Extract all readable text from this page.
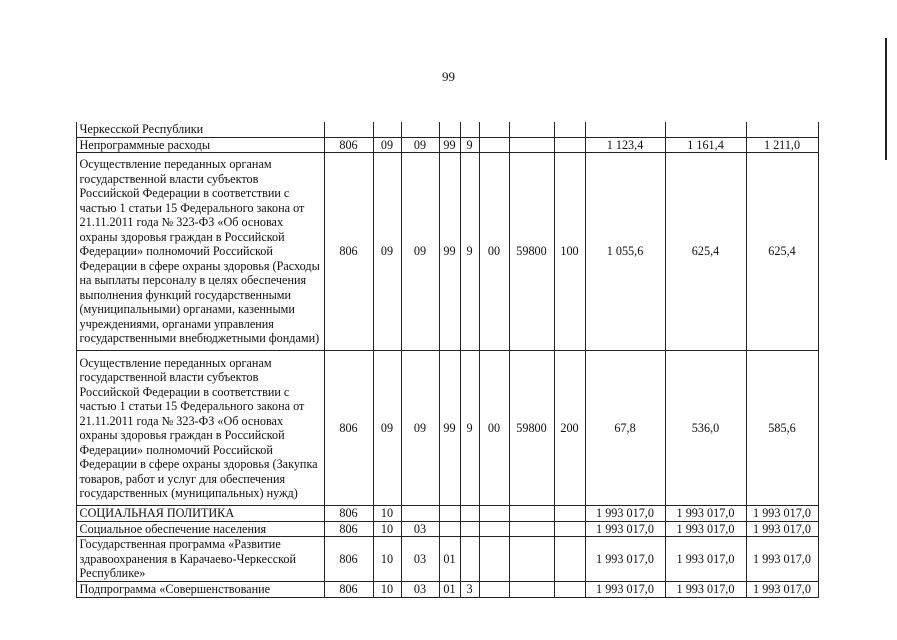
99
	Черкесской Республики											
	Непрограммные расходы	806	09	09	99	9				1 123,4	1 161,4	1 211,0
	Осуществление переданных органам государственной власти субъектов Российской Федерации в соответствии с частью 1 статьи 15 Федерального закона от 21.11.2011 года № 323-ФЗ «Об основах охраны здоровья граждан в Российской Федерации» полномочий Российской Федерации в сфере охраны здоровья (Расходы на выплаты персоналу в целях обеспечения выполнения функций государственными (муниципальными) органами, казенными учреждениями, органами управления государственными внебюджетными фондами)	806	09	09	99	9	00	59800	100	1 055,6	625,4	625,4
	Осуществление переданных органам государственной власти субъектов Российской Федерации в соответствии с частью 1 статьи 15 Федерального закона от 21.11.2011 года № 323-ФЗ «Об основах охраны здоровья граждан в Российской Федерации» полномочий Российской Федерации в сфере охраны здоровья (Закупка товаров, работ и услуг для обеспечения государственных (муниципальных) нужд)	806	09	09	99	9	00	59800	200	67,8	536,0	585,6
	СОЦИАЛЬНАЯ ПОЛИТИКА	806	10							1 993 017,0	1 993 017,0	1 993 017,0
	Социальное обеспечение населения	806	10	03						1 993 017,0	1 993 017,0	1 993 017,0
	Государственная программа «Развитие здравоохранения в Карачаево-Черкесской Республике»	806	10	03	01					1 993 017,0	1 993 017,0	1 993 017,0
	Подпрограмма «Совершенствование	806	10	03	01	3				1 993 017,0	1 993 017,0	1 993 017,0
